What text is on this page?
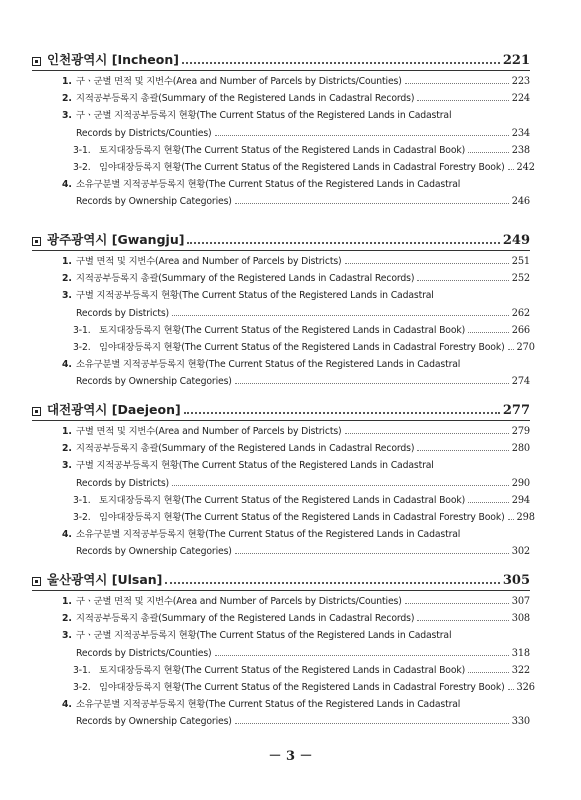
인천광역시 [Incheon]	221
1. 구ㆍ군별 면적 및 지번수(Area and Number of Parcels by Districts/Counties)	223
2. 지적공부등록지 총괄(Summary of the Registered Lands in Cadastral Records)	224
3. 구ㆍ군별 지적공부등록지 현황(The Current Status of the Registered Lands in Cadastral
Records by Districts/Counties)	234
3-1. 토지대장등록지 현황(The Current Status of the Registered Lands in Cadastral Book)	238
3-2. 임야대장등록지 현황(The Current Status of the Registered Lands in Cadastral Forestry Book) 242
4. 소유구분별 지적공부등록지 현황(The Current Status of the Registered Lands in Cadastral
Records by Ownership Categories)	246
광주광역시 [Gwangju]	249
1. 구별 면적 및 지번수(Area and Number of Parcels by Districts)	251
2. 지적공부등록지 총괄(Summary of the Registered Lands in Cadastral Records)	252
3. 구별 지적공부등록지 현황(The Current Status of the Registered Lands in Cadastral
Records by Districts)	262
3-1. 토지대장등록지 현황(The Current Status of the Registered Lands in Cadastral Book)	266
3-2. 임야대장등록지 현황(The Current Status of the Registered Lands in Cadastral Forestry Book) 270
4. 소유구분별 지적공부등록지 현황(The Current Status of the Registered Lands in Cadastral
Records by Ownership Categories)	274
대전광역시 [Daejeon]	277
1. 구별 면적 및 지번수(Area and Number of Parcels by Districts)	279
2. 지적공부등록지 총괄(Summary of the Registered Lands in Cadastral Records)	280
3. 구별 지적공부등록지 현황(The Current Status of the Registered Lands in Cadastral
Records by Districts)	290
3-1. 토지대장등록지 현황(The Current Status of the Registered Lands in Cadastral Book)	294
3-2. 임야대장등록지 현황(The Current Status of the Registered Lands in Cadastral Forestry Book) 298
4. 소유구분별 지적공부등록지 현황(The Current Status of the Registered Lands in Cadastral
Records by Ownership Categories)	302
울산광역시 [Ulsan]	305
1. 구ㆍ군별 면적 및 지번수(Area and Number of Parcels by Districts/Counties)	307
2. 지적공부등록지 총괄(Summary of the Registered Lands in Cadastral Records)	308
3. 구ㆍ군별 지적공부등록지 현황(The Current Status of the Registered Lands in Cadastral
Records by Districts/Counties)	318
3-1. 토지대장등록지 현황(The Current Status of the Registered Lands in Cadastral Book)	322
3-2. 임야대장등록지 현황(The Current Status of the Registered Lands in Cadastral Forestry Book) 326
4. 소유구분별 지적공부등록지 현황(The Current Status of the Registered Lands in Cadastral
Records by Ownership Categories)	330
－ 3 －
